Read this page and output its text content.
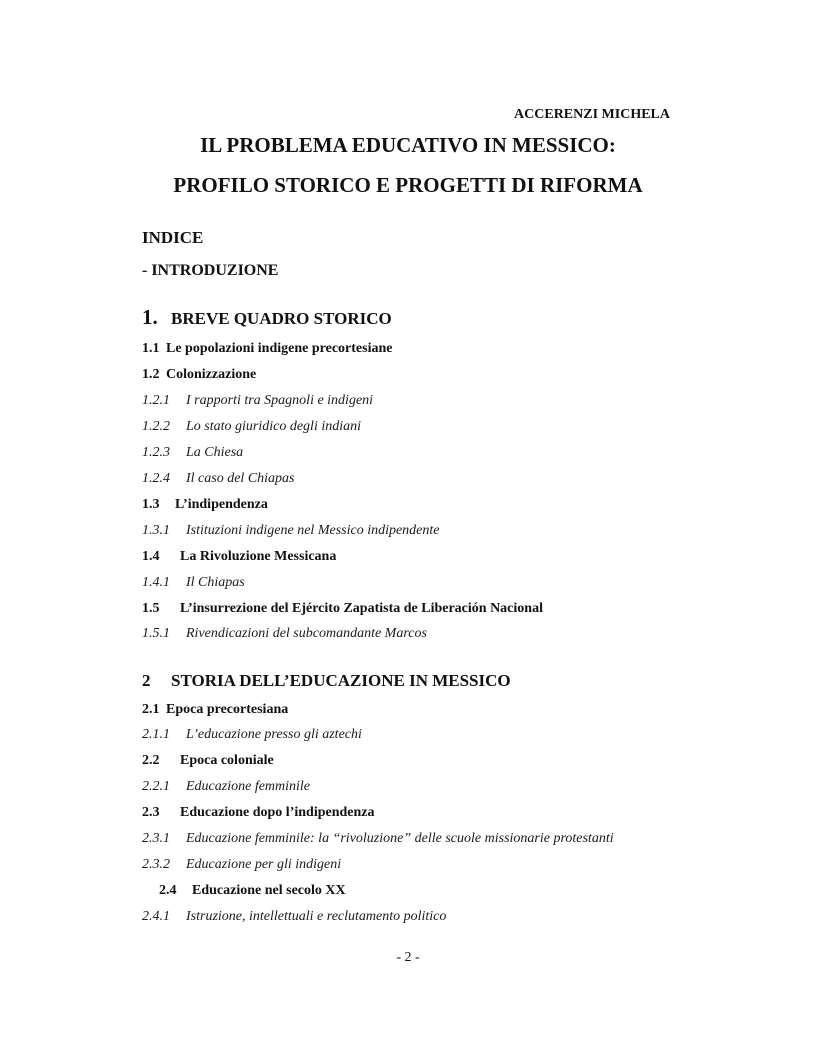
ACCERENZI MICHELA
IL PROBLEMA EDUCATIVO IN MESSICO:
PROFILO STORICO E PROGETTI DI RIFORMA
INDICE
- INTRODUZIONE
1. BREVE QUADRO STORICO
1.1 Le popolazioni indigene precortesiane
1.2 Colonizzazione
1.2.1 I rapporti tra Spagnoli e indigeni
1.2.2 Lo stato giuridico degli indiani
1.2.3 La Chiesa
1.2.4 Il caso del Chiapas
1.3 L’indipendenza
1.3.1 Istituzioni indigene nel Messico indipendente
1.4 La Rivoluzione Messicana
1.4.1 Il Chiapas
1.5 L’insurrezione del Ejército Zapatista de Liberación Nacional
1.5.1 Rivendicazioni del subcomandante Marcos
2 STORIA DELL’EDUCAZIONE IN MESSICO
2.1 Epoca precortesiana
2.1.1 L’educazione presso gli aztechi
2.2 Epoca coloniale
2.2.1 Educazione femminile
2.3 Educazione dopo l’indipendenza
2.3.1 Educazione femminile: la “rivoluzione” delle scuole missionarie protestanti
2.3.2 Educazione per gli indigeni
2.4 Educazione nel secolo XX
2.4.1 Istruzione, intellettuali e reclutamento politico
- 2 -
